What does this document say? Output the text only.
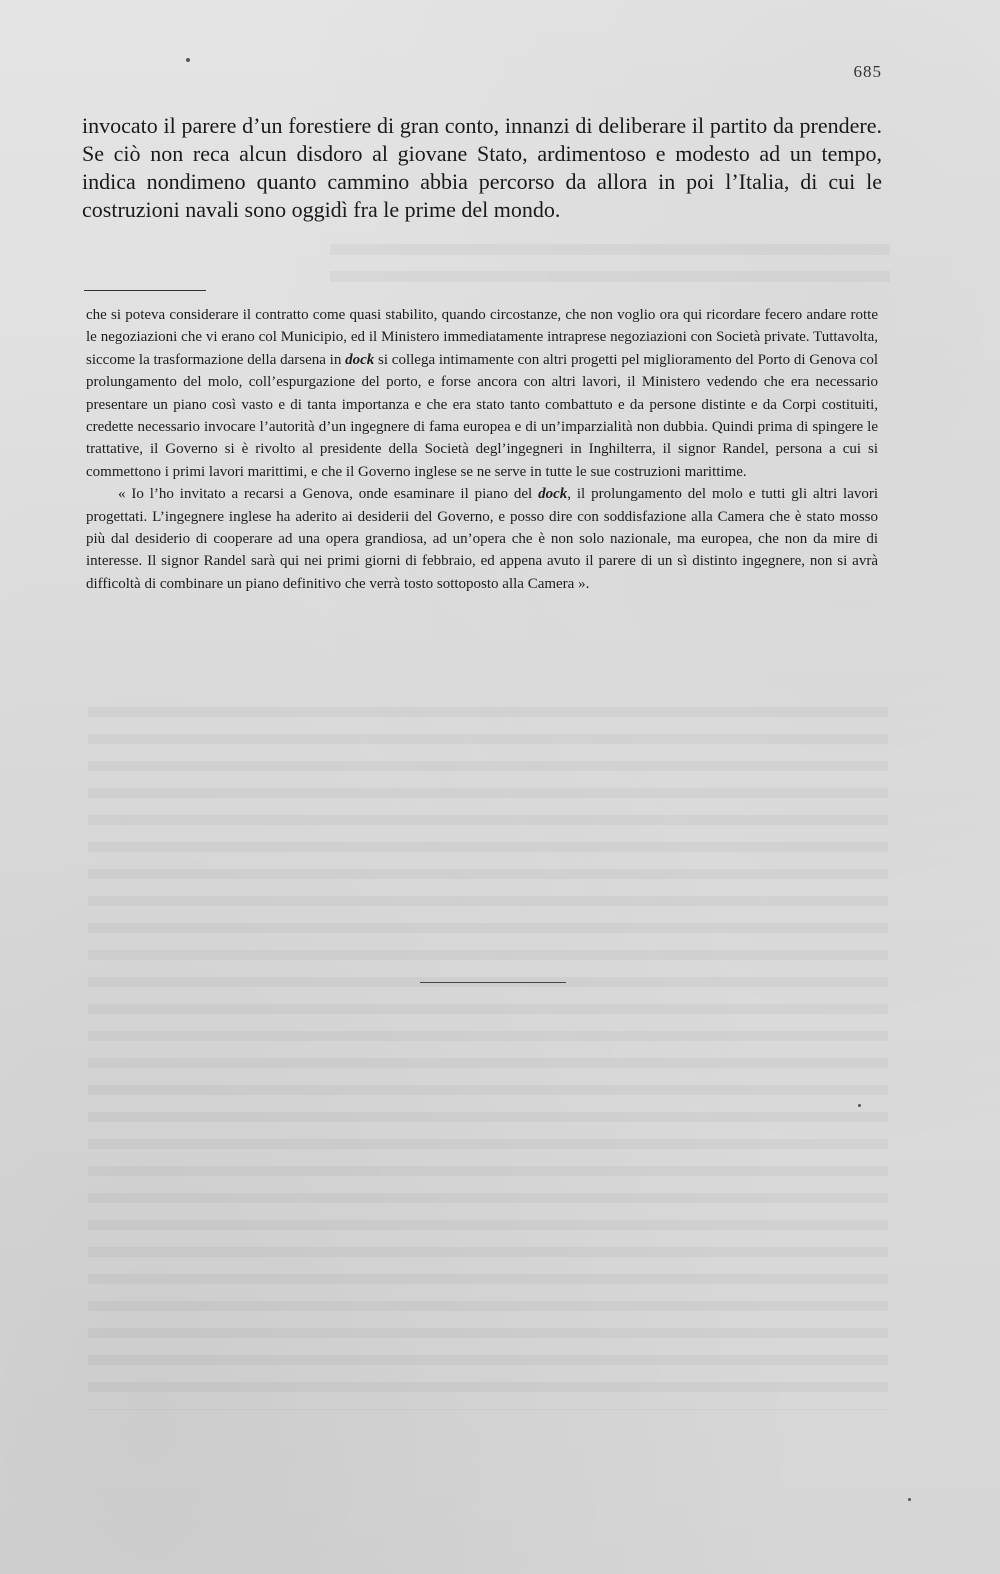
685

invocato il parere d’un forestiere di gran conto, innanzi di deliberare il partito da prendere. Se ciò non reca alcun disdoro al giovane Stato, ardimentoso e modesto ad un tempo, indica nondimeno quanto cammino abbia percorso da allora in poi l’Italia, di cui le costruzioni navali sono oggidì fra le prime del mondo.

che si poteva considerare il contratto come quasi stabilito, quando circostanze, che non voglio ora qui ricordare fecero andare rotte le negoziazioni che vi erano col Municipio, ed il Ministero immediatamente intraprese negoziazioni con Società private. Tuttavolta, siccome la trasformazione della darsena in dock si collega intimamente con altri progetti pel miglioramento del Porto di Genova col prolungamento del molo, coll’espurgazione del porto, e forse ancora con altri lavori, il Ministero vedendo che era necessario presentare un piano così vasto e di tanta importanza e che era stato tanto combattuto e da persone distinte e da Corpi costituiti, credette necessario invocare l’autorità d’un ingegnere di fama europea e di un’imparzialità non dubbia. Quindi prima di spingere le trattative, il Governo si è rivolto al presidente della Società degl’ingegneri in Inghilterra, il signor Randel, persona a cui si commettono i primi lavori marittimi, e che il Governo inglese se ne serve in tutte le sue costruzioni marittime.

« Io l’ho invitato a recarsi a Genova, onde esaminare il piano del dock, il prolungamento del molo e tutti gli altri lavori progettati. L’ingegnere inglese ha aderito ai desiderii del Governo, e posso dire con soddisfazione alla Camera che è stato mosso più dal desiderio di cooperare ad una opera grandiosa, ad un’opera che è non solo nazionale, ma europea, che non da mire di interesse. Il signor Randel sarà qui nei primi giorni di febbraio, ed appena avuto il parere di un sì distinto ingegnere, non si avrà difficoltà di combinare un piano definitivo che verrà tosto sottoposto alla Camera ».
